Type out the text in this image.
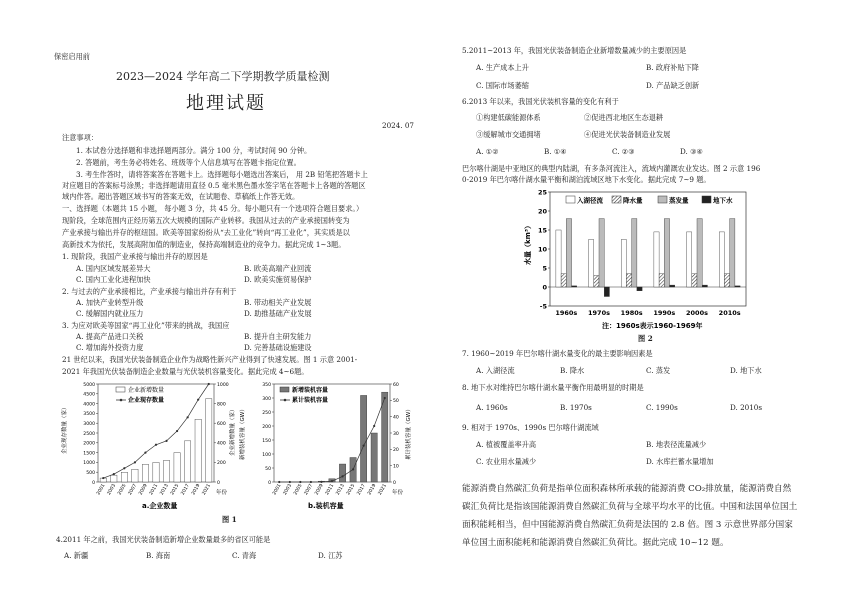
保密启用前
2023—2024 学年高二下学期教学质量检测
地理试题
2024. 07
注意事项：
1. 本试卷分选择题和非选择题两部分。满分 100 分，考试时间 90 分钟。
2. 答题前，考生务必将姓名、班级等个人信息填写在答题卡指定位置。
3. 考生作答时，请将答案答在答题卡上。选择题每小题选出答案后， 用 2B 铅笔把答题卡上
对应题目的答案标号涂黑；非选择题请用直径 0.5 毫米黑色墨水签字笔在答题卡上各题的答题区
域内作答。超出答题区域书写的答案无效，在试题卷、草稿纸上作答无效。
一、选择题（本题共 15 小题， 每小题 3 分，共 45 分。每小题只有一个选项符合题目要求。）
现阶段，全球范围内正经历第五次大规模的国际产业转移。我国从过去的产业承接国转变为
产业承接与输出并存的枢纽国。欧美等国家纷纷从“去工业化”转向“再工业化”，其实质是以
高新技术为依托，发展高附加值的制造业，保持高端制造业的竞争力。据此完成 1~3题。
1. 现阶段，我国产业承接与输出并存的原因是
A. 国内区域发展差异大	B. 欧美高端产业回流
C. 国内工业化进程加快	D. 欧美实施贸易保护
2. 与过去的产业承接相比，产业承接与输出并存有利于
A. 加快产业转型升级	B. 带动相关产业发展
C. 缓解国内就业压力	D. 助推基础产业发展
3. 为应对欧美等国家“再工业化”带来的挑战，我国应
A. 提高产品进口关税	B. 提升自主研发能力
C. 增加海外投资力度	D. 完善基础设施建设
21 世纪以来，我国光伏装备制造企业作为战略性新兴产业得到了快速发展。图 1 示意 2001-
2021 年我国光伏装备制造企业数量与光伏装机容量变化。据此完成 4~6题。
企业新增数量
企业现存数量
0
500
1000
1500
2000
2500
3000
3500
4000
4500
5000
0
200
400
600
800
1000
2001 2003 2005 2007 2009 2011 2013 2015 2017 2019 2021
企业现存数量（家）	企业新增数量（家）
年份
a.企业数量
新增装机容量
累计装机容量
0
50
100
150
200
250
300
350
0
10
20
30
40
50
60
2001 2003 2005 2007 2009 2011 2013 2015 2017 2019 2021
新增装机容量（GW）	累计装机容量（GW）
年份
b.装机容量
图 1
4.2011 年之前，我国光伏装备制造新增企业数量最多的省区可能是
A. 新疆	B. 海南	C. 青海	D. 江苏
5.2011~2013 年，我国光伏装备制造企业新增数量减少的主要原因是
A. 生产成本上升	B. 政府补贴下降
C. 国际市场萎缩	D. 产品缺乏创新
6.2013 年以来，我国光伏装机容量的变化有利于
①构建低碳能源体系	②促进西北地区生态退耕
③缓解城市交通拥堵	④促进光伏装备制造业发展
A. ①②	B. ①④	C. ②③	D. ③④
巴尔喀什湖是中亚地区的典型内陆湖，有多条河流注入，流域内灌溉农业发达。图 2 示意 196
0-2019 年巴尔喀什湖水量平衡和湖泊流域区地下水变化。据此完成 7~9 题。
入湖径流	降水量	蒸发量	地下水
25
20
15
10
5
0
-5
1960s 1970s 1980s 1990s 2000s 2010s
水量（km³）
注：1960s表示1960-1969年
图 2
7. 1960~2019 年巴尔喀什湖水量变化的最主要影响因素是
A. 入湖径流	B. 降水	C. 蒸发	D. 地下水
8. 地下水对维持巴尔喀什湖水量平衡作用最明显的时期是
A. 1960s	B. 1970s	C. 1990s	D. 2010s
9. 相对于 1970s、1990s 巴尔喀什湖流域
A. 植被覆盖率升高	B. 地表径流量减少
C. 农业用水量减少	D. 水库拦蓄水量增加
能源消费自然碳汇负荷是指单位面积森林所承载的能源消费 CO₂排放量，能源消费自然
碳汇负荷比是指该国能源消费自然碳汇负荷与全球平均水平的比值。中国和法国单位国土
面积能耗相当，但中国能源消费自然碳汇负荷是法国的 2.8 倍。图 3 示意世界部分国家
单位国土面积能耗和能源消费自然碳汇负荷比。据此完成 10~12 题。
